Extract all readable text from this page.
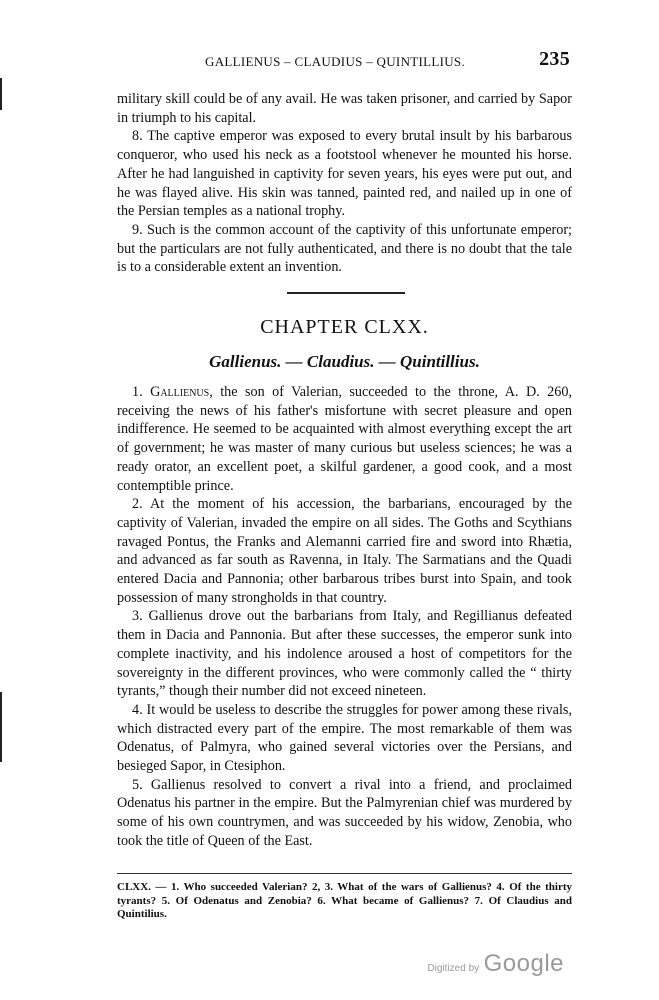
GALLIENUS – CLAUDIUS – QUINTILLIUS.	235

military skill could be of any avail. He was taken prisoner, and carried by Sapor in triumph to his capital.

8. The captive emperor was exposed to every brutal insult by his barbarous conqueror, who used his neck as a footstool whenever he mounted his horse. After he had languished in captivity for seven years, his eyes were put out, and he was flayed alive. His skin was tanned, painted red, and nailed up in one of the Persian temples as a national trophy.

9. Such is the common account of the captivity of this unfortunate emperor; but the particulars are not fully authenticated, and there is no doubt that the tale is to a considerable extent an invention.

CHAPTER CLXX.
Gallienus. — Claudius. — Quintillius.

1. Gallienus, the son of Valerian, succeeded to the throne, A. D. 260, receiving the news of his father's misfortune with secret pleasure and open indifference. He seemed to be acquainted with almost everything except the art of government; he was master of many curious but useless sciences; he was a ready orator, an excellent poet, a skilful gardener, a good cook, and a most contemptible prince.

2. At the moment of his accession, the barbarians, encouraged by the captivity of Valerian, invaded the empire on all sides. The Goths and Scythians ravaged Pontus, the Franks and Alemanni carried fire and sword into Rhætia, and advanced as far south as Ravenna, in Italy. The Sarmatians and the Quadi entered Dacia and Pannonia; other barbarous tribes burst into Spain, and took possession of many strongholds in that country.

3. Gallienus drove out the barbarians from Italy, and Regillianus defeated them in Dacia and Pannonia. But after these successes, the emperor sunk into complete inactivity, and his indolence aroused a host of competitors for the sovereignty in the different provinces, who were commonly called the “ thirty tyrants,” though their number did not exceed nineteen.

4. It would be useless to describe the struggles for power among these rivals, which distracted every part of the empire. The most remarkable of them was Odenatus, of Palmyra, who gained several victories over the Persians, and besieged Sapor, in Ctesiphon.

5. Gallienus resolved to convert a rival into a friend, and proclaimed Odenatus his partner in the empire. But the Palmyrenian chief was murdered by some of his own countrymen, and was succeeded by his widow, Zenobia, who took the title of Queen of the East.

CLXX. — 1. Who succeeded Valerian? 2, 3. What of the wars of Gallienus? 4. Of the thirty tyrants? 5. Of Odenatus and Zenobia? 6. What became of Gallienus? 7. Of Claudius and Quintilius.

Digitized by Google
